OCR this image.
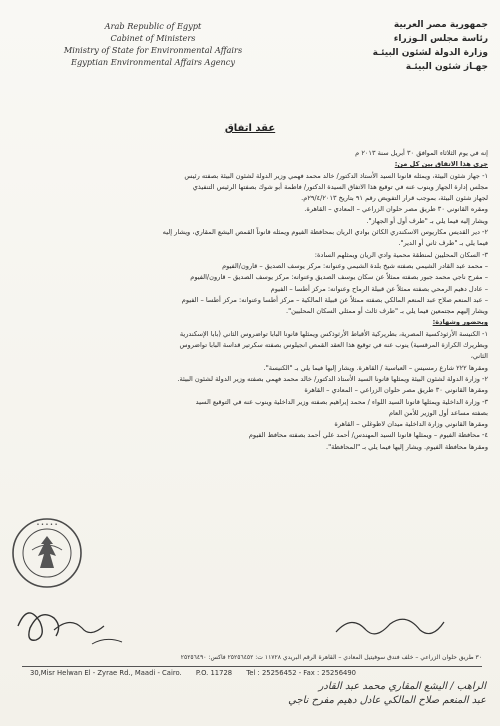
Arab Republic of Egypt
Cabinet of Ministers
Ministry of State for Environmental Affairs
Egyptian Environmental Affairs Agency
جمهورية مصر العربية
رئاسة مجلس الـوزراء
وزارة الدولة لشئون البيئـة
جهـاز شئون البيئـة
عقد اتفاق
إنه في يوم الثلاثاء الموافق ٣٠ أبريل سنة ٢٠١٣ م
جرى هذا الاتفاق بين كل من:
١- جهاز شئون البيئة، ويمثله قانونا السيد الأستاذ الدكتور/ خالد محمد فهمي وزير الدولة لشئون البيئة بصفته رئيس
مجلس إدارة الجهاز وينوب عنه في توقيع هذا الاتفاق السيدة الدكتور/ فاطمة أبو شوك بصفتها الرئيس التنفيذي
لجهاز شئون البيئة، بموجب قرار التفويض رقم ٩١ بتاريخ ٢٩/٤/٢٠١٣م.
ومقره القانوني ٣٠ طريق مصر حلوان الزراعي – المعادي – القاهرة.
ويشار إليه فيما يلي بـ "طرف أول أو الجهاز".
٢- دير القديس مكاريوس الاسكندري الكائن بوادي الريان بمحافظة الفيوم ويمثله قانوناً القمص اليشع المقاري، ويشار إليه
فيما يلي بـ "طرف ثاني أو الدير".
٣- السكان المحليين لمنطقة محمية وادي الريان ويمثلهم السادة:
– محمد عبد القادر الشيمي بصفته شيخ بلدة الشيمي وعنوانه: مركز يوسف الصديق – قارون/الفيوم
– مفرح ناجي محمد جبور بصفته ممثلاً عن سكان يوسف الصديق وعنوانه: مركز يوسف الصديق – قارون/الفيوم
– عادل دهيم الرمحي بصفته ممثلاً عن قبيلة الرماح وعنوانه: مركز أطسا – الفيوم
– عبد المنعم صلاح عبد المنعم المالكي بصفته ممثلاً عن قبيلة المالكية – مركز أطسا وعنوانه: مركز أطسا – الفيوم
ويشار إليهم مجتمعين فيما يلي بـ "طرف ثالث أو ممثلي السكان المحليين".
وبحضور وشهادة:
١- الكنيسة الأرثوذكسية المصرية، بطريركية الأقباط الأرثوذكس ويمثلها قانونا البابا تواضروس الثاني (بابا الإسكندرية
وبطريرك الكرازة المرقسية) ينوب عنه في توقيع هذا العقد القمص انجيلوس بصفته سكرتير قداسة البابا تواضروس
الثاني،
ومقرها ٢٢٢ شارع رمسيس – العباسية / القاهرة. ويشار إليها فيما يلي بـ "الكنيسة".
٢- وزارة الدولة لشئون البيئة ويمثلها قانونا السيد الأستاذ الدكتور/ خالد محمد فهمي بصفته وزير الدولة لشئون البيئة.
ومقرها القانوني ٣٠ طريق مصر حلوان الزراعي – المعادي – القاهرة
٣- وزارة الداخلية ويمثلها قانونا السيد اللواء / محمد إبراهيم بصفته وزير الداخلية وينوب عنه في التوقيع السيد
بصفته مساعد أول الوزير للأمن العام
ومقرها القانوني وزارة الداخلية ميدان لاظوغلي – القاهرة
٤- محافظة الفيوم – ويمثلها قانونا السيد المهندس/ أحمد علي أحمد بصفته محافظ الفيوم
ومقرها محافظة الفيوم. ويشار إليها فيما يلي بـ "المحافظة".
• • • • •
٣٠ طريق حلوان الزراعي – خلف فندق سوفيتيل المعادي – القاهرة الرقم البريدي ١١٧٢٨ ت: ٢٥٢٥٦٤٥٢ فاكس: ٢٥٢٥٦٤٩٠
30,Misr Helwan El - Zyrae Rd., Maadi - Cairo. P.O. 11728 Tel : 25256452 - Fax : 25256490
الراهب / اليشع المقاري محمد عبد القادر
عبد المنعم صلاح المالكي عادل دهيم مفرح ناجي
